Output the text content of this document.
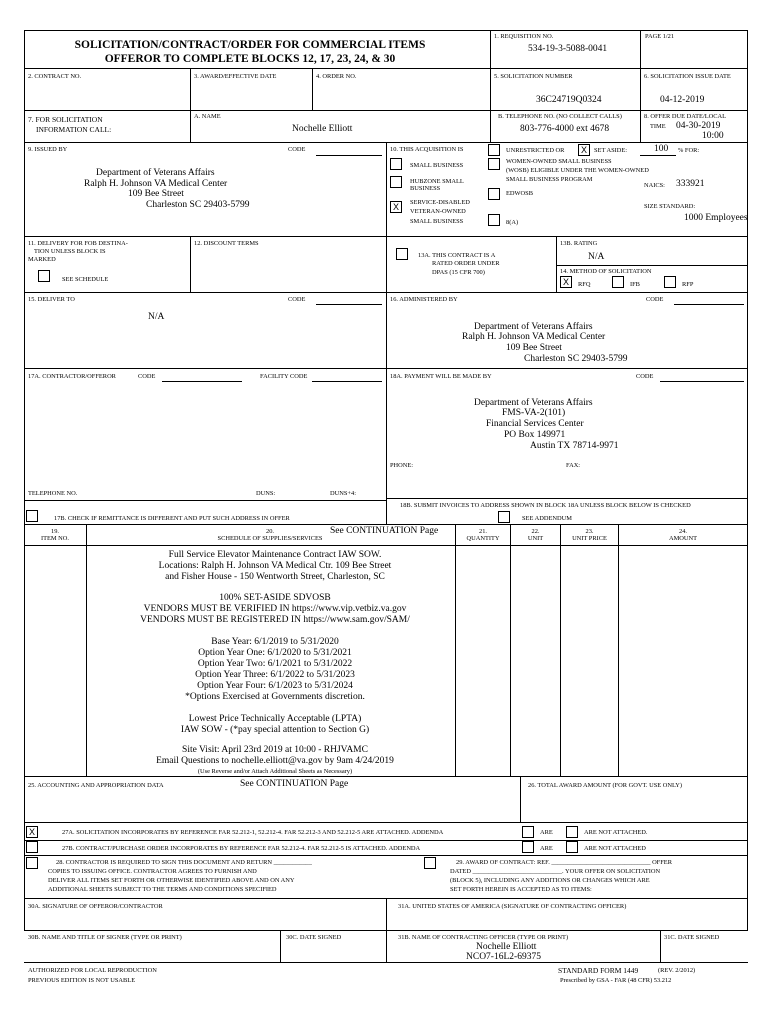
SOLICITATION/CONTRACT/ORDER FOR COMMERCIAL ITEMS
OFFEROR TO COMPLETE BLOCKS 12, 17, 23, 24, & 30
1. REQUISITION NO.
534-19-3-5088-0041
PAGE 1/21
2. CONTRACT NO.	3. AWARD/EFFECTIVE DATE	4. ORDER NO.	5. SOLICITATION NUMBER
36C24719Q0324
6. SOLICITATION ISSUE DATE
04-12-2019
7. FOR SOLICITATION
INFORMATION CALL:
A. NAME
Nochelle Elliott
B. TELEPHONE NO. (NO COLLECT CALLS)
803-776-4000 ext 4678
8. OFFER DUE DATE/LOCAL
TIME 04-30-2019
10:00
9. ISSUED BY	CODE
Department of Veterans Affairs
Ralph H. Johnson VA Medical Center
109 Bee Street
Charleston SC 29403-5799
10. THIS ACQUISITION IS	UNRESTRICTED OR	X	SET ASIDE:	100 % FOR:
SMALL BUSINESS
HUBZONE SMALL
BUSINESS
X	SERVICE-DISABLED
VETERAN-OWNED
SMALL BUSINESS
WOMEN-OWNED SMALL BUSINESS
(WOSB) ELIGIBLE UNDER THE WOMEN-OWNED
SMALL BUSINESS PROGRAM
EDWOSB
8(A)
NAICS: 333921
SIZE STANDARD:
1000 Employees
11. DELIVERY FOR FOB DESTINA-
TION UNLESS BLOCK IS
MARKED
SEE SCHEDULE
12. DISCOUNT TERMS
13A. THIS CONTRACT IS A
RATED ORDER UNDER
DPAS (15 CFR 700)
13B. RATING
N/A
14. METHOD OF SOLICITATION
X	RFQ	IFB	RFP
15. DELIVER TO	CODE
N/A
16. ADMINISTERED BY	CODE
Department of Veterans Affairs
Ralph H. Johnson VA Medical Center
109 Bee Street
Charleston SC 29403-5799
17A. CONTRACTOR/OFFEROR	CODE	FACILITY CODE	18A. PAYMENT WILL BE MADE BY	CODE
Department of Veterans Affairs
FMS-VA-2(101)
Financial Services Center
PO Box 149971
Austin TX 78714-9971
PHONE:	FAX:
TELEPHONE NO.	DUNS:	DUNS+4:
17B. CHECK IF REMITTANCE IS DIFFERENT AND PUT SUCH ADDRESS IN OFFER
18B. SUBMIT INVOICES TO ADDRESS SHOWN IN BLOCK 18A UNLESS BLOCK BELOW IS CHECKED
SEE ADDENDUM
19.
ITEM NO.
20.
SCHEDULE OF SUPPLIES/SERVICES
See CONTINUATION Page	21.
QUANTITY
22.
UNIT
23.
UNIT PRICE
24.
AMOUNT
Full Service Elevator Maintenance Contract IAW SOW.
Locations: Ralph H. Johnson VA Medical Ctr. 109 Bee Street
and Fisher House - 150 Wentworth Street, Charleston, SC
100% SET-ASIDE SDVOSB
VENDORS MUST BE VERIFIED IN https://www.vip.vetbiz.va.gov
VENDORS MUST BE REGISTERED IN https://www.sam.gov/SAM/
Base Year: 6/1/2019 to 5/31/2020
Option Year One: 6/1/2020 to 5/31/2021
Option Year Two: 6/1/2021 to 5/31/2022
Option Year Three: 6/1/2022 to 5/31/2023
Option Year Four: 6/1/2023 to 5/31/2024
*Options Exercised at Governments discretion.
Lowest Price Technically Acceptable (LPTA)
IAW SOW - (*pay special attention to Section G)
Site Visit: April 23rd 2019 at 10:00 - RHJVAMC
Email Questions to nochelle.elliott@va.gov by 9am 4/24/2019
(Use Reverse and/or Attach Additional Sheets as Necessary)
25. ACCOUNTING AND APPROPRIATION DATA	See CONTINUATION Page	26. TOTAL AWARD AMOUNT (FOR GOVT. USE ONLY)
X	27A. SOLICITATION INCORPORATES BY REFERENCE FAR 52.212-1, 52.212-4. FAR 52.212-3 AND 52.212-5 ARE ATTACHED. ADDENDA	ARE	ARE NOT ATTACHED.
27B. CONTRACT/PURCHASE ORDER INCORPORATES BY REFERENCE FAR 52.212-4. FAR 52.212-5 IS ATTACHED. ADDENDA	ARE	ARE NOT ATTACHED
28. CONTRACTOR IS REQUIRED TO SIGN THIS DOCUMENT AND RETURN ____________
COPIES TO ISSUING OFFICE. CONTRACTOR AGREES TO FURNISH AND
DELIVER ALL ITEMS SET FORTH OR OTHERWISE IDENTIFIED ABOVE AND ON ANY
ADDITIONAL SHEETS SUBJECT TO THE TERMS AND CONDITIONS SPECIFIED
29. AWARD OF CONTRACT: REF. _______________________________ OFFER
DATED ____________________________. YOUR OFFER ON SOLICITATION
(BLOCK 5), INCLUDING ANY ADDITIONS OR CHANGES WHICH ARE
SET FORTH HEREIN IS ACCEPTED AS TO ITEMS:
30A. SIGNATURE OF OFFEROR/CONTRACTOR	31A. UNITED STATES OF AMERICA (SIGNATURE OF CONTRACTING OFFICER)
30B. NAME AND TITLE OF SIGNER (TYPE OR PRINT)	30C. DATE SIGNED	31B. NAME OF CONTRACTING OFFICER (TYPE OR PRINT)
Nochelle Elliott
NCO7-16L2-69375
31C. DATE SIGNED
AUTHORIZED FOR LOCAL REPRODUCTION
PREVIOUS EDITION IS NOT USABLE
STANDARD FORM 1449	(REV. 2/2012)
Prescribed by GSA - FAR (48 CFR) 53.212
